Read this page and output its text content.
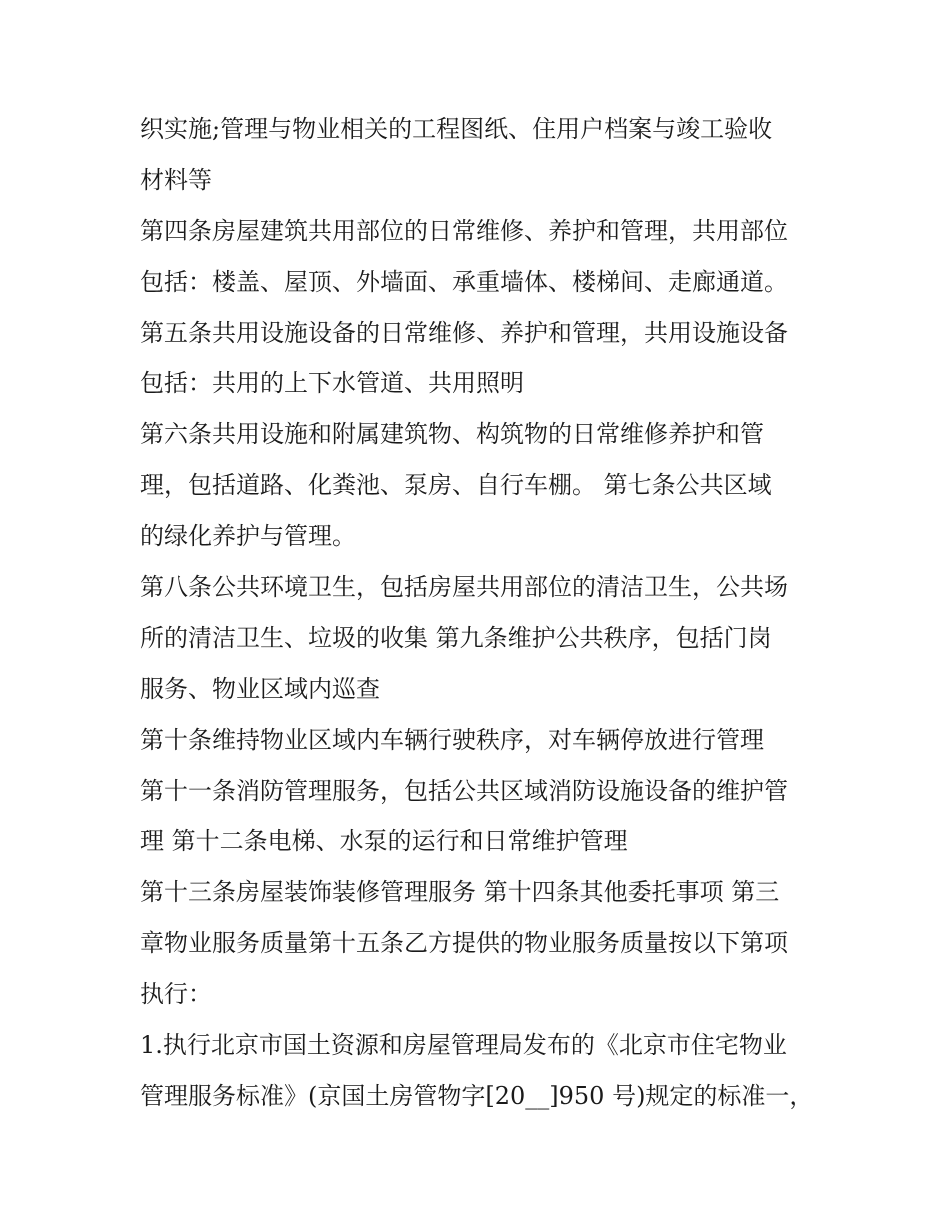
织实施;管理与物业相关的工程图纸、住用户档案与竣工验收
材料等
第四条房屋建筑共用部位的日常维修、养护和管理，共用部位
包括：楼盖、屋顶、外墙面、承重墙体、楼梯间、走廊通道。
第五条共用设施设备的日常维修、养护和管理，共用设施设备
包括：共用的上下水管道、共用照明
第六条共用设施和附属建筑物、构筑物的日常维修养护和管
理，包括道路、化粪池、泵房、自行车棚。 第七条公共区域
的绿化养护与管理。
第八条公共环境卫生，包括房屋共用部位的清洁卫生，公共场
所的清洁卫生、垃圾的收集 第九条维护公共秩序，包括门岗
服务、物业区域内巡查
第十条维持物业区域内车辆行驶秩序，对车辆停放进行管理
第十一条消防管理服务，包括公共区域消防设施设备的维护管
理 第十二条电梯、水泵的运行和日常维护管理
第十三条房屋装饰装修管理服务 第十四条其他委托事项 第三
章物业服务质量第十五条乙方提供的物业服务质量按以下第项
执行：
1.执行北京市国土资源和房屋管理局发布的《北京市住宅物业
管理服务标准》(京国土房管物字[20__]950 号)规定的标准一，
